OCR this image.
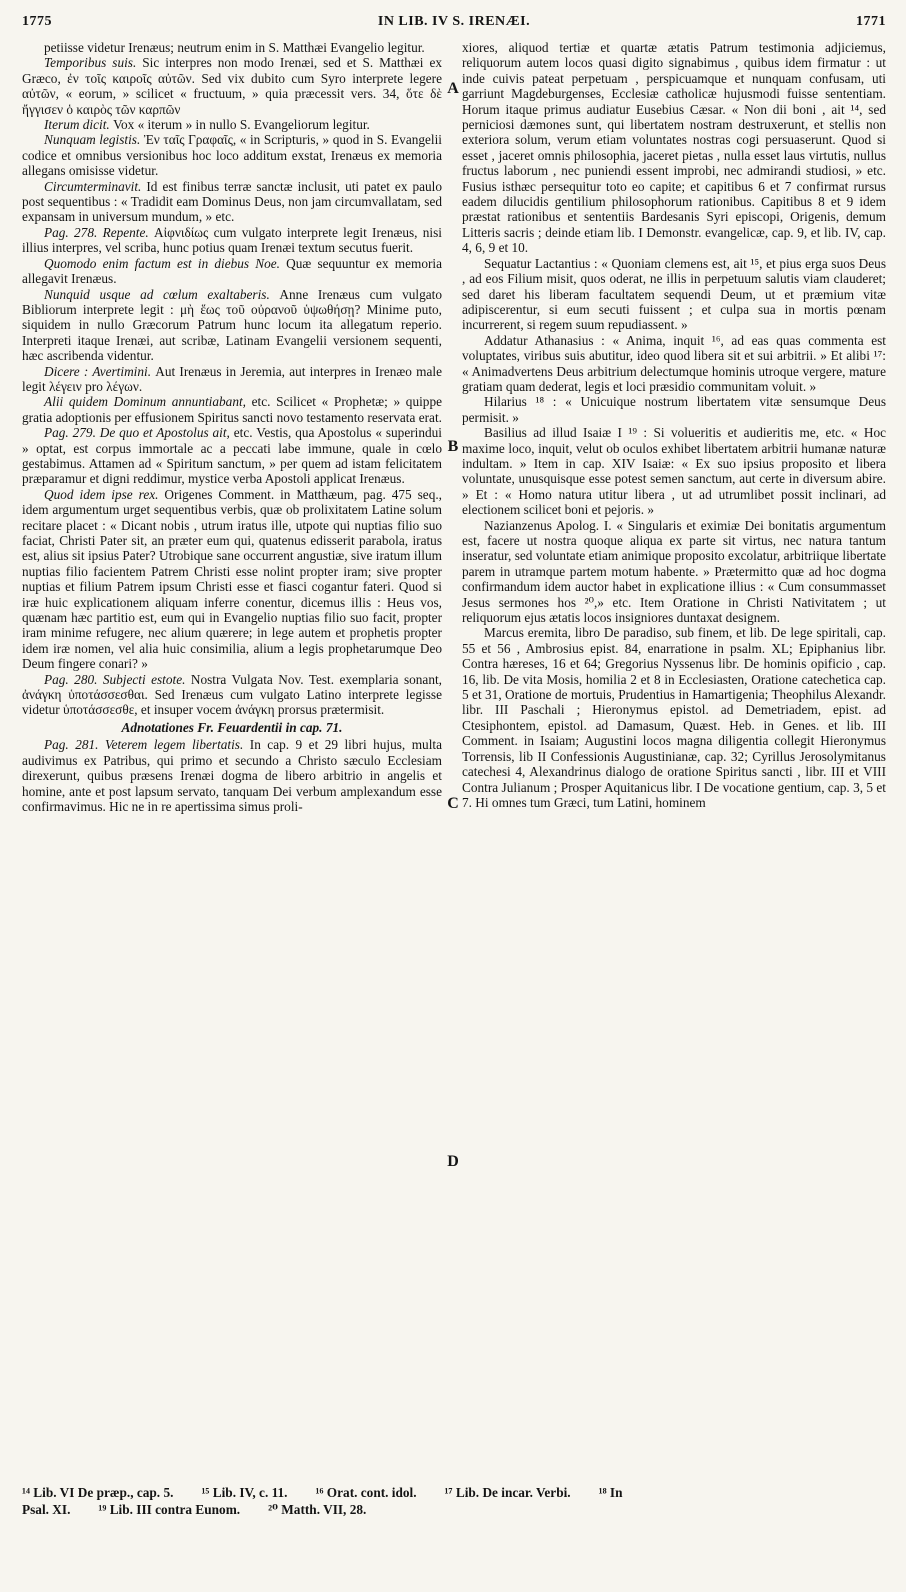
1775	IN LIB. IV S. IRENÆI.	1771

petiisse videtur Irenæus; neutrum enim in S. Matthæi Evangelio legitur.

Temporibus suis. Sic interpres non modo Irenæi, sed et S. Matthæi ex Græco, ἐν τοῖς καιροῖς αὐτῶν. Sed vix dubito cum Syro interprete legere αὐτῶν, « eorum, » scilicet « fructuum, » quia præcessit vers. 34, ὅτε δὲ ἤγγισεν ὁ καιρὸς τῶν καρπῶν

Iterum dicit. Vox « iterum » in nullo S. Evangeliorum legitur.

Nunquam legistis. Ἐν ταῖς Γραφαῖς, « in Scripturis, » quod in S. Evangelii codice et omnibus versionibus hoc loco additum exstat, Irenæus ex memoria allegans omisisse videtur.

Circumterminavit. Id est finibus terræ sanctæ inclusit, uti patet ex paulo post sequentibus : « Tradidit eam Dominus Deus, non jam circumvallatam, sed expansam in universum mundum, » etc.

Pag. 278. Repente. Αἰφνιδίως cum vulgato interprete legit Irenæus, nisi illius interpres, vel scriba, hunc potius quam Irenæi textum secutus fuerit.

Quomodo enim factum est in diebus Noe. Quæ sequuntur ex memoria allegavit Irenæus.

Nunquid usque ad cœlum exaltaberis. Anne Irenæus cum vulgato Bibliorum interprete legit : μὴ ἕως τοῦ οὐρανοῦ ὑψωθήσῃ? Minime puto, siquidem in nullo Græcorum Patrum hunc locum ita allegatum reperio. Interpreti itaque Irenæi, aut scribæ, Latinam Evangelii versionem sequenti, hæc ascribenda videntur.

Dicere : Avertimini. Aut Irenæus in Jeremia, aut interpres in Irenæo male legit λέγειν pro λέγων.

Alii quidem Dominum annuntiabant, etc. Scilicet « Prophetæ; » quippe gratia adoptionis per effusionem Spiritus sancti novo testamento reservata erat.

Pag. 279. De quo et Apostolus ait, etc. Vestis, qua Apostolus « superindui » optat, est corpus immortale ac a peccati labe immune, quale in cœlo gestabimus. Attamen ad « Spiritum sanctum, » per quem ad istam felicitatem præparamur et digni reddimur, mystice verba Apostoli applicat Irenæus.

Quod idem ipse rex. Origenes Comment. in Matthæum, pag. 475 seq., idem argumentum urget sequentibus verbis, quæ ob prolixitatem Latine solum recitare placet : « Dicant nobis , utrum iratus ille, utpote qui nuptias filio suo faciat, Christi Pater sit, an præter eum qui, quatenus edisserit parabola, iratus est, alius sit ipsius Pater? Utrobique sane occurrent angustiæ, sive iratum illum nuptias filio facientem Patrem Christi esse nolint propter iram; sive propter nuptias et filium Patrem ipsum Christi esse et fiasci cogantur fateri. Quod si iræ huic explicationem aliquam inferre conentur, dicemus illis : Heus vos, quænam hæc partitio est, eum qui in Evangelio nuptias filio suo facit, propter iram minime refugere, nec alium quærere; in lege autem et prophetis propter idem iræ nomen, vel alia huic consimilia, alium a legis prophetarumque Deo Deum fingere conari? »

Pag. 280. Subjecti estote. Nostra Vulgata Nov. Test. exemplaria sonant, ἀνάγκη ὑποτάσσεσθαι. Sed Irenæus cum vulgato Latino interprete legisse videtur ὑποτάσσεσθε, et insuper vocem ἀνάγκη prorsus prætermisit.

Adnotationes Fr. Feuardentii in cap. 71.

Pag. 281. Veterem legem libertatis. In cap. 9 et 29 libri hujus, multa audivimus ex Patribus, qui primo et secundo a Christo sæculo Ecclesiam direxerunt, quibus præsens Irenæi dogma de libero arbitrio in angelis et homine, ante et post lapsum servato, tanquam Dei verbum amplexandum esse confirmavimus. Hic ne in re apertissima simus proli-

xiores, aliquod tertiæ et quartæ ætatis Patrum testimonia adjiciemus, reliquorum autem locos quasi digito signabimus , quibus idem firmatur : ut inde cuivis pateat perpetuam , perspicuamque et nunquam confusam, uti garriunt Magdeburgenses, Ecclesiæ catholicæ hujusmodi fuisse sententiam. Horum itaque primus audiatur Eusebius Cæsar. « Non dii boni , ait ¹⁴, sed perniciosi dæmones sunt, qui libertatem nostram destruxerunt, et stellis non exteriora solum, verum etiam voluntates nostras cogi persuaserunt. Quod si esset , jaceret omnis philosophia, jaceret pietas , nulla esset laus virtutis, nullus fructus laborum , nec puniendi essent improbi, nec admirandi studiosi, » etc. Fusius isthæc persequitur toto eo capite; et capitibus 6 et 7 confirmat rursus eadem dilucidis gentilium philosophorum rationibus. Capitibus 8 et 9 idem præstat rationibus et sententiis Bardesanis Syri episcopi, Origenis, demum Litteris sacris ; deinde etiam lib. I Demonstr. evangelicæ, cap. 9, et lib. IV, cap. 4, 6, 9 et 10.

Sequatur Lactantius : « Quoniam clemens est, ait ¹⁵, et pius erga suos Deus , ad eos Filium misit, quos oderat, ne illis in perpetuum salutis viam clauderet; sed daret his liberam facultatem sequendi Deum, ut et præmium vitæ adipiscerentur, si eum secuti fuissent ; et culpa sua in mortis pœnam incurrerent, si regem suum repudiassent. »

Addatur Athanasius : « Anima, inquit ¹⁶, ad eas quas commenta est voluptates, viribus suis abutitur, ideo quod libera sit et sui arbitrii. » Et alibi ¹⁷: « Animadvertens Deus arbitrium delectumque hominis utroque vergere, mature gratiam quam dederat, legis et loci præsidio communitam voluit. »

Hilarius ¹⁸ : « Unicuique nostrum libertatem vitæ sensumque Deus permisit. »

Basilius ad illud Isaiæ I ¹⁹ : Si volueritis et audieritis me, etc. « Hoc maxime loco, inquit, velut ob oculos exhibet libertatem arbitrii humanæ naturæ indultam. » Item in cap. XIV Isaiæ: « Ex suo ipsius proposito et libera voluntate, unusquisque esse potest semen sanctum, aut certe in diversum abire. » Et : « Homo natura utitur libera , ut ad utrumlibet possit inclinari, ad electionem scilicet boni et pejoris. »

Nazianzenus Apolog. I. « Singularis et eximiæ Dei bonitatis argumentum est, facere ut nostra quoque aliqua ex parte sit virtus, nec natura tantum inseratur, sed voluntate etiam animique proposito excolatur, arbitriique libertate parem in utramque partem motum habente. » Prætermitto quæ ad hoc dogma confirmandum idem auctor habet in explicatione illius : « Cum consummasset Jesus sermones hos ²⁰,» etc. Item Oratione in Christi Nativitatem ; ut reliquorum ejus ætatis locos insigniores duntaxat designem.

Marcus eremita, libro De paradiso, sub finem, et lib. De lege spiritali, cap. 55 et 56 , Ambrosius epist. 84, enarratione in psalm. XL; Epiphanius libr. Contra hæreses, 16 et 64; Gregorius Nyssenus libr. De hominis opificio , cap. 16, lib. De vita Mosis, homilia 2 et 8 in Ecclesiasten, Oratione catechetica cap. 5 et 31, Oratione de mortuis, Prudentius in Hamartigenia; Theophilus Alexandr. libr. III Paschali ; Hieronymus epistol. ad Demetriadem, epist. ad Ctesiphontem, epistol. ad Damasum, Quæst. Heb. in Genes. et lib. III Comment. in Isaiam; Augustini locos magna diligentia collegit Hieronymus Torrensis, lib II Confessionis Augustinianæ, cap. 32; Cyrillus Jerosolymitanus catechesi 4, Alexandrinus dialogo de oratione Spiritus sancti , libr. III et VIII Contra Julianum ; Prosper Aquitanicus libr. I De vocatione gentium, cap. 3, 5 et 7. Hi omnes tum Græci, tum Latini, hominem

A
B
C
D
¹⁴ Lib. VI De præp., cap. 5. ¹⁵ Lib. IV, c. 11. ¹⁶ Orat. cont. idol. ¹⁷ Lib. De incar. Verbi. ¹⁸ In
Psal. XI. ¹⁹ Lib. III contra Eunom. ²⁰ Matth. VII, 28.
